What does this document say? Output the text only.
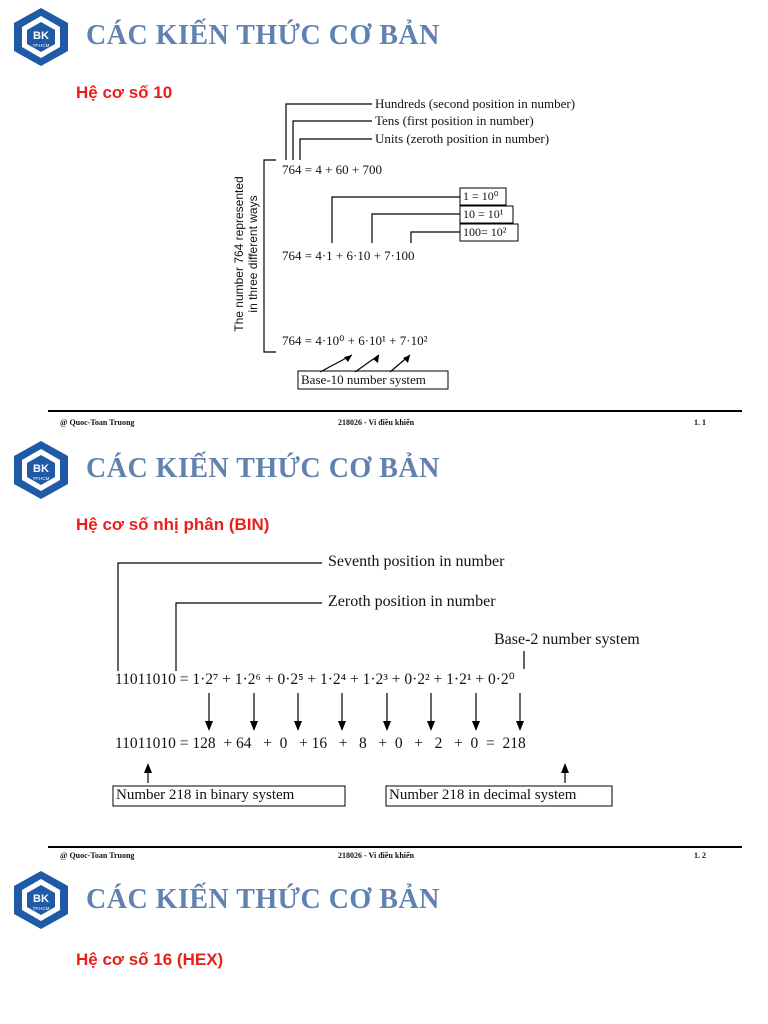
BK
TP.HCM CÁC KIẾN THỨC CƠ BẢN
Hệ cơ số 10
Hundreds (second position in number)
Tens (first position in number)
Units (zeroth position in number)
764 = 4 + 60 + 700
1 = 10⁰
10 = 10¹
100= 10²
764 = 4·1 + 6·10 + 7·100
764 = 4·10⁰ + 6·10¹ + 7·10²
Base-10 number system
The number 764 represented in three different ways
@ Quoc-Toan Truong	218026 - Vi điều khiển	1. 1
BK
TP.HCM CÁC KIẾN THỨC CƠ BẢN
Hệ cơ số nhị phân (BIN)
Seventh position in number
Zeroth position in number
Base-2 number system
11011010 = 1·2⁷ + 1·2⁶ + 0·2⁵ + 1·2⁴ + 1·2³ + 0·2² + 1·2¹ + 0·2⁰
11011010 = 128  + 64   +  0   + 16   +   8   +  0   +   2   +  0  =  218
Number 218 in binary system	Number 218 in decimal system
@ Quoc-Toan Truong	218026 - Vi điều khiển	1. 2
BK
TP.HCM CÁC KIẾN THỨC CƠ BẢN
Hệ cơ số 16 (HEX)
